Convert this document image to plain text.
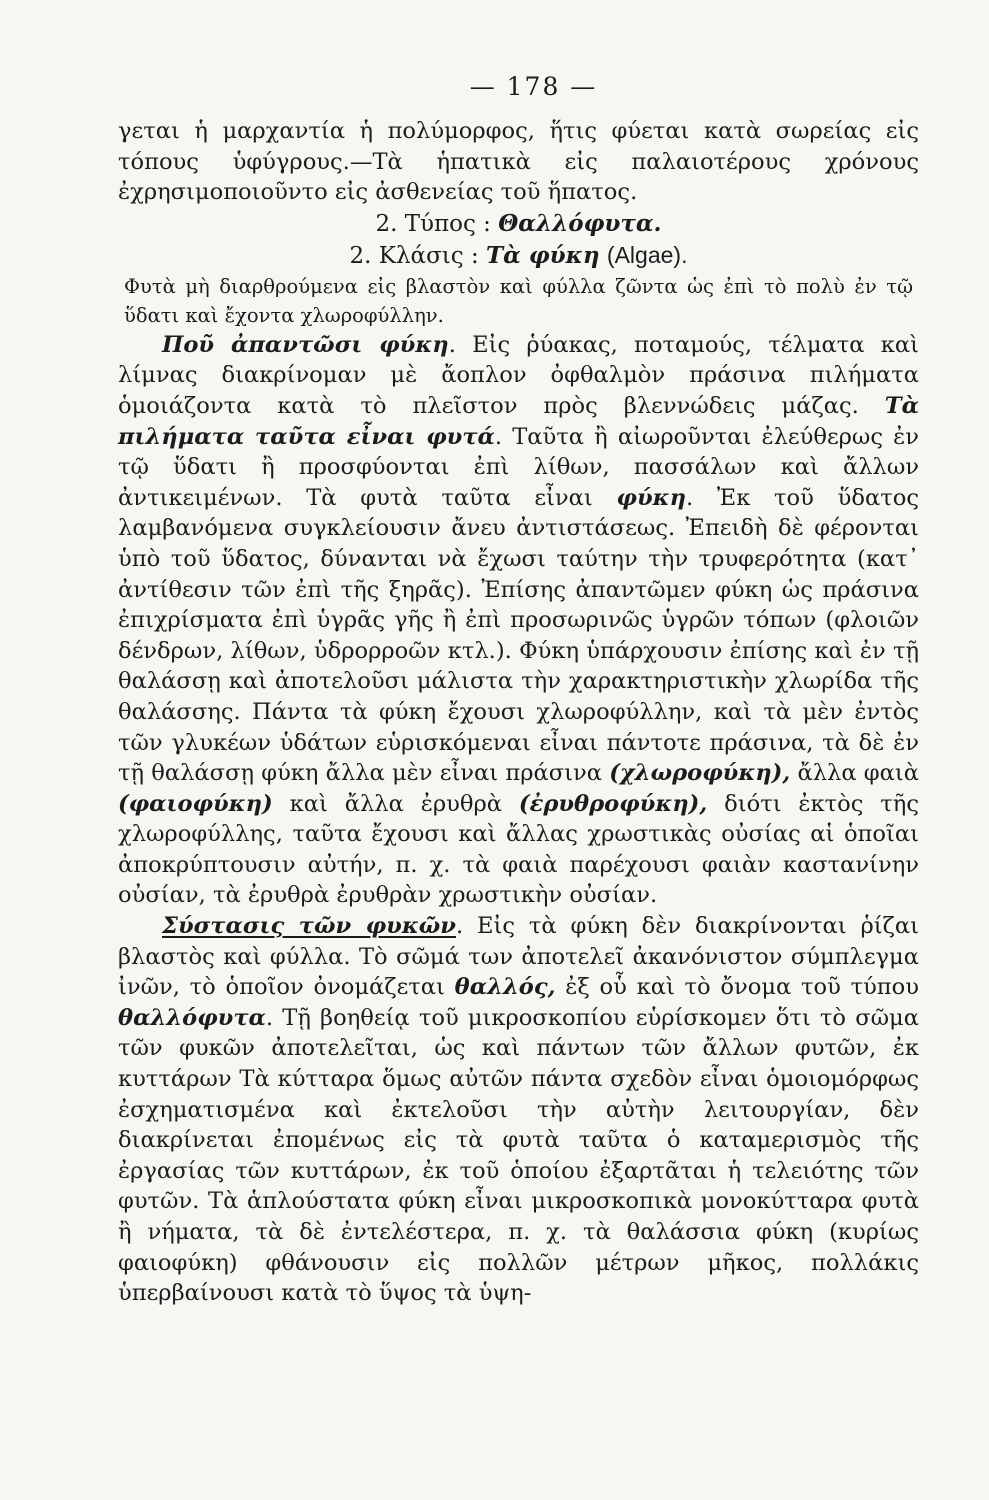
— 178 —

γεται ἡ μαρχαντία ἡ πολύμορφος, ἥτις φύεται κατὰ σωρείας εἰς τόπους ὑφύγρους.—Τὰ ἡπατικὰ εἰς παλαιοτέρους χρόνους ἐχρησιμοποιοῦντο εἰς ἀσθενείας τοῦ ἥπατος.

2. Τύπος : Θαλλόφυτα.

2. Κλάσις : Τὰ φύκη (Algae).

Φυτὰ μὴ διαρθρούμενα εἰς βλαστὸν καὶ φύλλα ζῶντα ὡς ἐπὶ τὸ πολὺ ἐν τῷ ὕδατι καὶ ἔχοντα χλωροφύλλην.

Ποῦ ἀπαντῶσι φύκη. Εἰς ῥύακας, ποταμούς, τέλματα καὶ λίμνας διακρίνομαν μὲ ἄοπλον ὀφθαλμὸν πράσινα πιλήματα ὁμοιάζοντα κατὰ τὸ πλεῖστον πρὸς βλεννώδεις μάζας. Τὰ πιλήματα ταῦτα εἶναι φυτά. Ταῦτα ἢ αἰωροῦνται ἐλεύθερως ἐν τῷ ὕδατι ἢ προσφύονται ἐπὶ λίθων, πασσάλων καὶ ἄλλων ἀντικειμένων. Τὰ φυτὰ ταῦτα εἶναι φύκη. Ἐκ τοῦ ὕδατος λαμβανόμενα συγκλείουσιν ἄνευ ἀντιστάσεως. Ἐπειδὴ δὲ φέρονται ὑπὸ τοῦ ὕδατος, δύνανται νὰ ἔχωσι ταύτην τὴν τρυφερότητα (κατ᾽ ἀντίθεσιν τῶν ἐπὶ τῆς ξηρᾶς). Ἐπίσης ἀπαντῶμεν φύκη ὡς πράσινα ἐπιχρίσματα ἐπὶ ὑγρᾶς γῆς ἢ ἐπὶ προσωρινῶς ὑγρῶν τόπων (φλοιῶν δένδρων, λίθων, ὑδρορροῶν κτλ.). Φύκη ὑπάρχουσιν ἐπίσης καὶ ἐν τῇ θαλάσσῃ καὶ ἀποτελοῦσι μάλιστα τὴν χαρακτηριστικὴν χλωρίδα τῆς θαλάσσης. Πάντα τὰ φύκη ἔχουσι χλωροφύλλην, καὶ τὰ μὲν ἐντὸς τῶν γλυκέων ὑδάτων εὑρισκόμεναι εἶναι πάντοτε πράσινα, τὰ δὲ ἐν τῇ θαλάσσῃ φύκη ἄλλα μὲν εἶναι πράσινα (χλωροφύκη), ἄλλα φαιὰ (φαιοφύκη) καὶ ἄλλα ἐρυθρὰ (ἐρυθροφύκη), διότι ἐκτὸς τῆς χλωροφύλλης, ταῦτα ἔχουσι καὶ ἄλλας χρωστικὰς οὐσίας αἱ ὁποῖαι ἀποκρύπτουσιν αὐτήν, π. χ. τὰ φαιὰ παρέχουσι φαιὰν καστανίνην οὐσίαν, τὰ ἐρυθρὰ ἐρυθρὰν χρωστικὴν οὐσίαν.

Σύστασις τῶν φυκῶν. Εἰς τὰ φύκη δὲν διακρίνονται ῥίζαι βλαστὸς καὶ φύλλα. Τὸ σῶμά των ἀποτελεῖ ἀκανόνιστον σύμπλεγμα ἰνῶν, τὸ ὁποῖον ὀνομάζεται θαλλός, ἐξ οὗ καὶ τὸ ὄνομα τοῦ τύπου θαλλόφυτα. Τῇ βοηθείᾳ τοῦ μικροσκοπίου εὑρίσκομεν ὅτι τὸ σῶμα τῶν φυκῶν ἀποτελεῖται, ὡς καὶ πάντων τῶν ἄλλων φυτῶν, ἐκ κυττάρων Τὰ κύτταρα ὅμως αὐτῶν πάντα σχεδὸν εἶναι ὁμοιομόρφως ἐσχηματισμένα καὶ ἐκτελοῦσι τὴν αὐτὴν λειτουργίαν, δὲν διακρίνεται ἐπομένως εἰς τὰ φυτὰ ταῦτα ὁ καταμερισμὸς τῆς ἐργασίας τῶν κυττάρων, ἐκ τοῦ ὁποίου ἐξαρτᾶται ἡ τελειότης τῶν φυτῶν. Τὰ ἁπλούστατα φύκη εἶναι μικροσκοπικὰ μονοκύτταρα φυτὰ ἢ νήματα, τὰ δὲ ἐντελέστερα, π. χ. τὰ θαλάσσια φύκη (κυρίως φαιοφύκη) φθάνουσιν εἰς πολλῶν μέτρων μῆκος, πολλάκις ὑπερβαίνουσι κατὰ τὸ ὕψος τὰ ὑψη-
